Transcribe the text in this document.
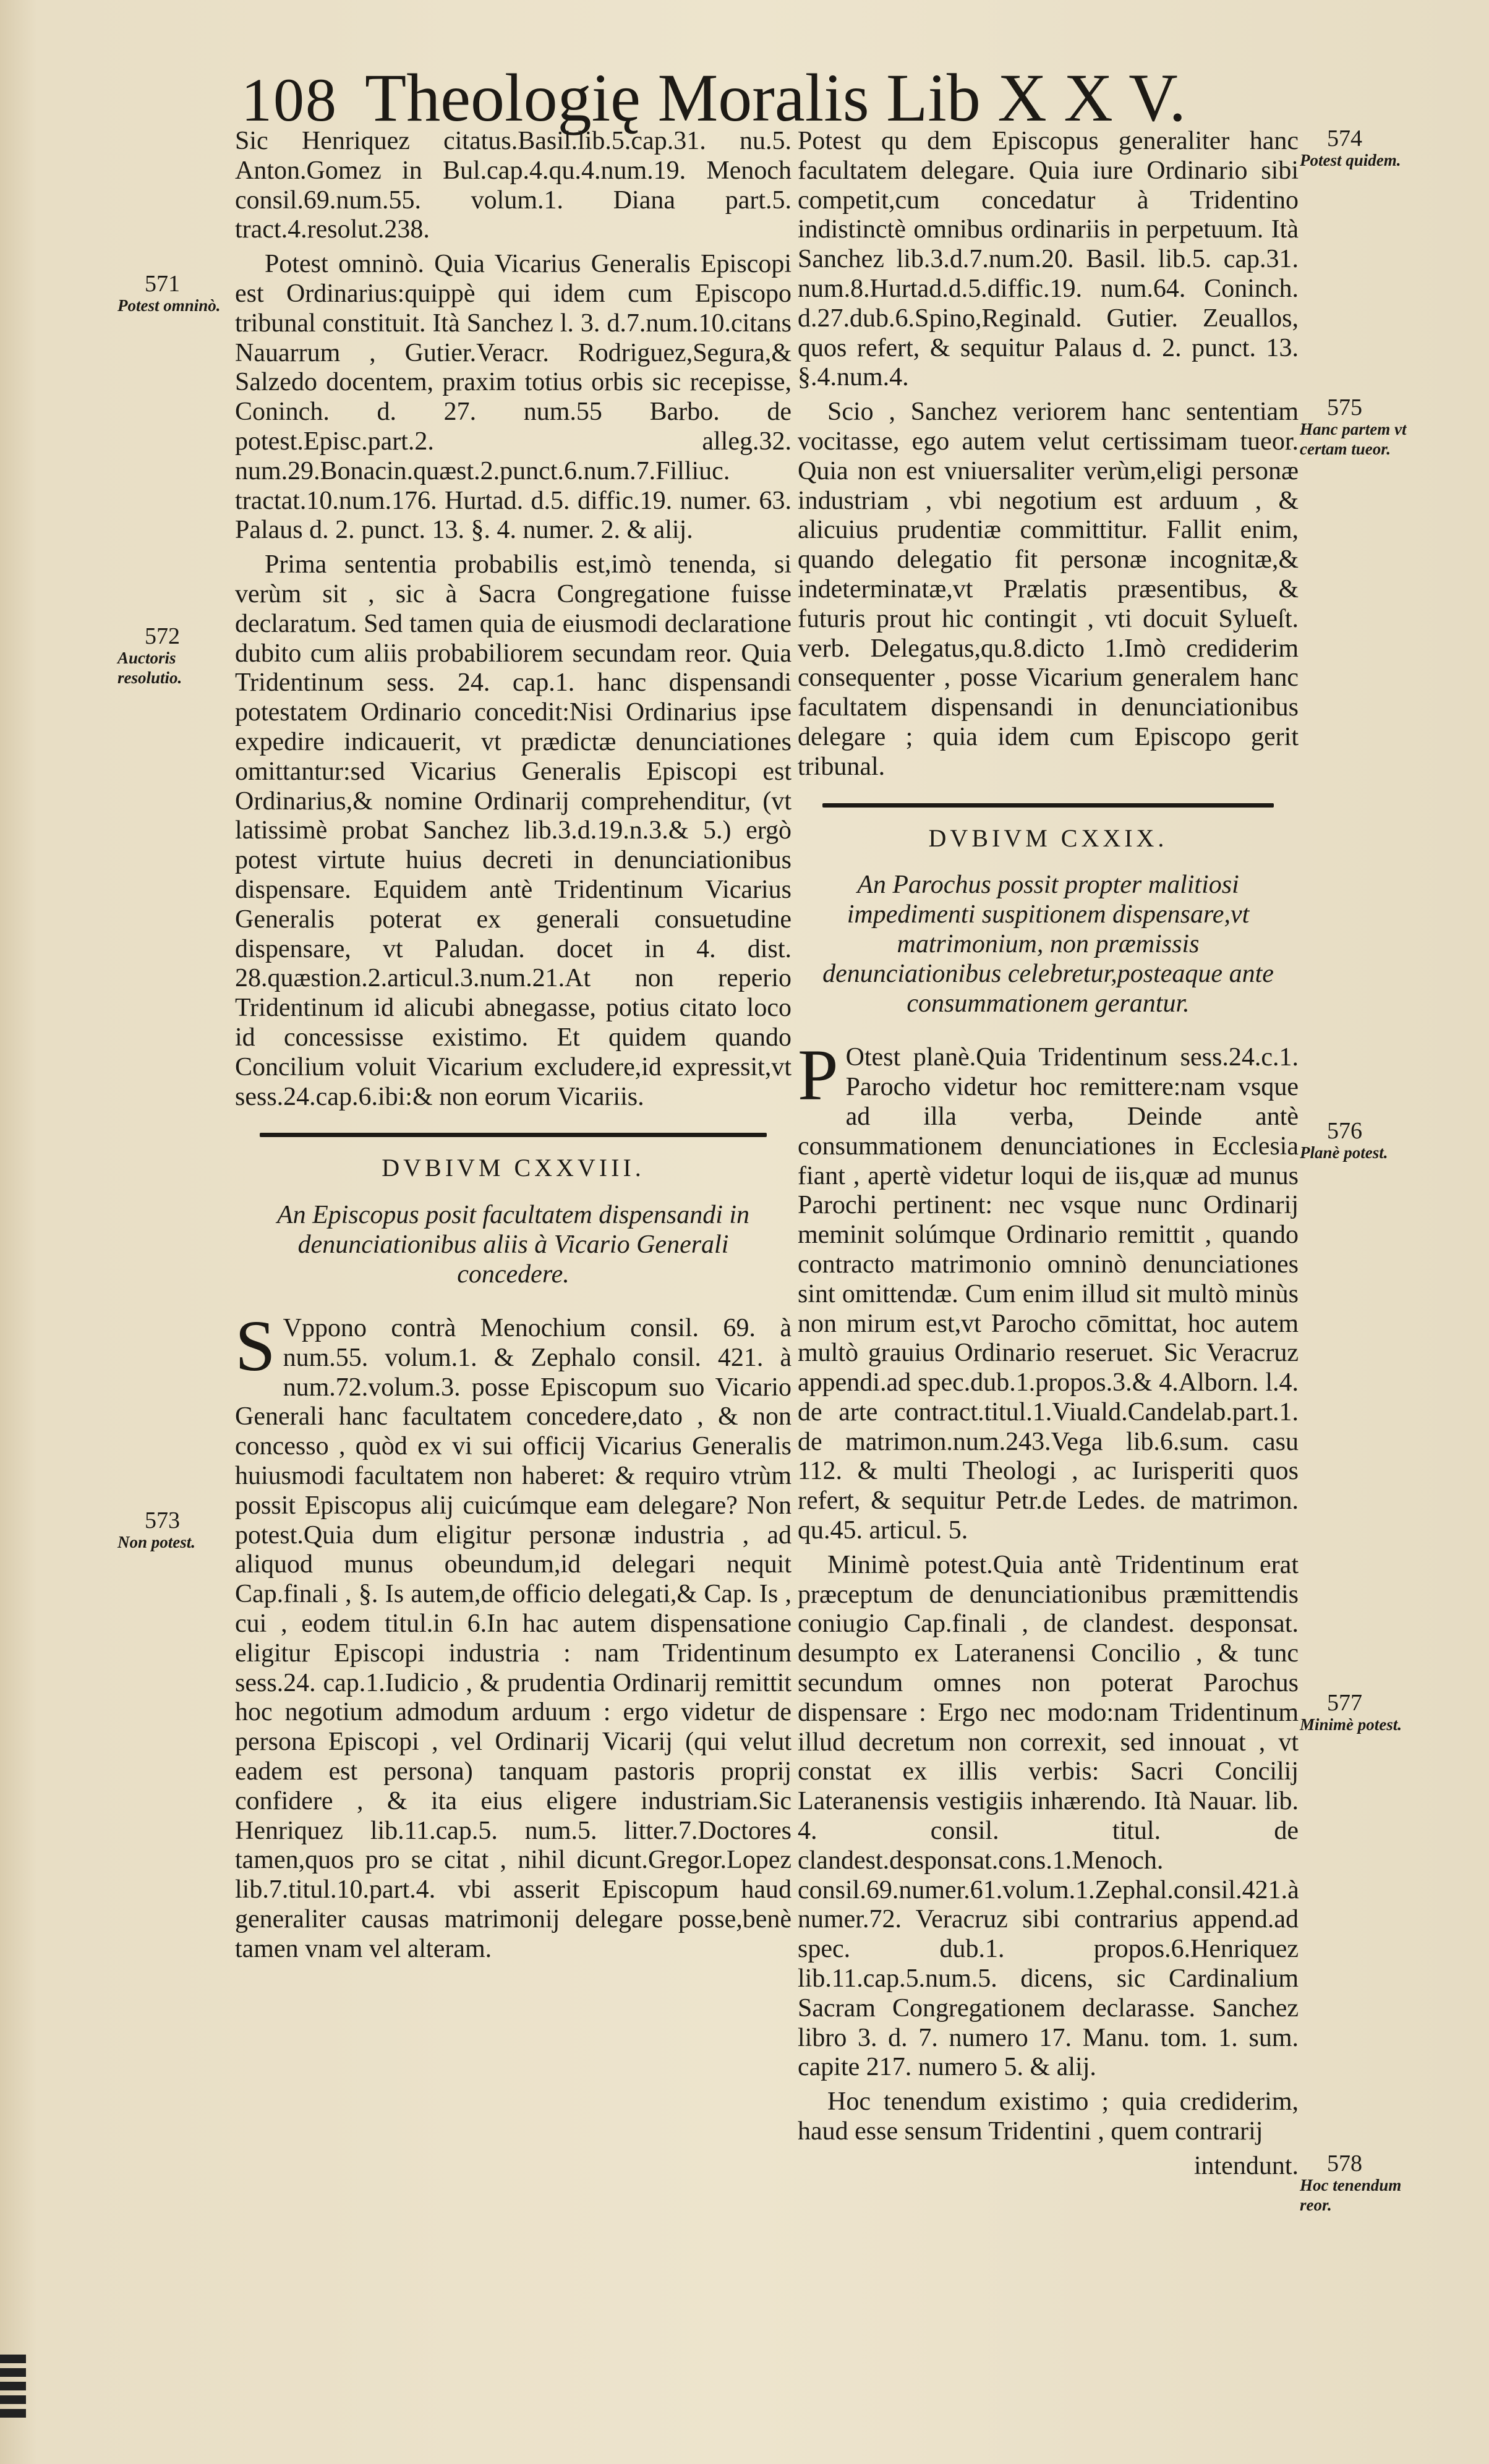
108 Theologię Moralis Lib X X V.

Sic Henriquez citatus.Basil.lib.5.cap.31. nu.5. Anton.Gomez in Bul.cap.4.qu.4.num.19. Menoch consil.69.num.55. volum.1. Diana part.5. tract.4.resolut.238.

Potest omninò. Quia Vicarius Generalis Episcopi est Ordinarius:quippè qui idem cum Episcopo tribunal constituit. Ità Sanchez l. 3. d.7.num.10.citans Nauarrum , Gutier.Veracr. Rodriguez,Segura,& Salzedo docentem, praxim totius orbis sic recepisse, Coninch. d. 27. num.55 Barbo. de potest.Episc.part.2. alleg.32. num.29.Bonacin.quæst.2.punct.6.num.7.Filliuc. tractat.10.num.176. Hurtad. d.5. diffic.19. numer. 63. Palaus d. 2. punct. 13. §. 4. numer. 2. & alij.

Prima sententia probabilis est,imò tenenda, si verùm sit , sic à Sacra Congregatione fuisse declaratum. Sed tamen quia de eiusmodi declaratione dubito cum aliis probabiliorem secundam reor. Quia Tridentinum sess. 24. cap.1. hanc dispensandi potestatem Ordinario concedit:Nisi Ordinarius ipse expedire indicauerit, vt prædictæ denunciationes omittantur:sed Vicarius Generalis Episcopi est Ordinarius,& nomine Ordinarij comprehenditur, (vt latissimè probat Sanchez lib.3.d.19.n.3.& 5.) ergò potest virtute huius decreti in denunciationibus dispensare. Equidem antè Tridentinum Vicarius Generalis poterat ex generali consuetudine dispensare, vt Paludan. docet in 4. dist. 28.quæstion.2.articul.3.num.21.At non reperio Tridentinum id alicubi abnegasse, potius citato loco id concessisse existimo. Et quidem quando Concilium voluit Vicarium excludere,id expressit,vt sess.24.cap.6.ibi:& non eorum Vicariis.

DVBIVM CXXVIII.
An Episcopus posit facultatem dispensandi in denunciationibus aliis à Vicario Generali concedere.

S Vppono contrà Menochium consil. 69. à num.55. volum.1. & Zephalo consil. 421. à num.72.volum.3. posse Episcopum suo Vicario Generali hanc facultatem concedere,dato , & non concesso , quòd ex vi sui officij Vicarius Generalis huiusmodi facultatem non haberet: & requiro vtrùm possit Episcopus alij cuicúmque eam delegare? Non potest.Quia dum eligitur personæ industria , ad aliquod munus obeundum,id delegari nequit Cap.finali , §. Is autem,de officio delegati,& Cap. Is , cui , eodem titul.in 6.In hac autem dispensatione eligitur Episcopi industria : nam Tridentinum sess.24. cap.1.Iudicio , & prudentia Ordinarij remittit hoc negotium admodum arduum : ergo videtur de persona Episcopi , vel Ordinarij Vicarij (qui velut eadem est persona) tanquam pastoris proprij confidere , & ita eius eligere industriam.Sic Henriquez lib.11.cap.5. num.5. litter.7.Doctores tamen,quos pro se citat , nihil dicunt.Gregor.Lopez lib.7.titul.10.part.4. vbi asserit Episcopum haud generaliter causas matrimonij delegare posse,benè tamen vnam vel alteram.

Potest qu dem Episcopus generaliter hanc facultatem delegare. Quia iure Ordinario sibi competit,cum concedatur à Tridentino indistinctè omnibus ordinariis in perpetuum. Ità Sanchez lib.3.d.7.num.20. Basil. lib.5. cap.31. num.8.Hurtad.d.5.diffic.19. num.64. Coninch. d.27.dub.6.Spino,Reginald. Gutier. Zeuallos, quos refert, & sequitur Palaus d. 2. punct. 13. §.4.num.4.

Scio , Sanchez veriorem hanc sententiam vocitasse, ego autem velut certissimam tueor. Quia non est vniuersaliter verùm,eligi personæ industriam , vbi negotium est arduum , & alicuius prudentiæ committitur. Fallit enim, quando delegatio fit personæ incognitæ,& indeterminatæ,vt Prælatis præsentibus, & futuris prout hic contingit , vti docuit Sylueſt. verb. Delegatus,qu.8.dicto 1.Imò crediderim consequenter , posse Vicarium generalem hanc facultatem dispensandi in denunciationibus delegare ; quia idem cum Episcopo gerit tribunal.

DVBIVM CXXIX.
An Parochus possit propter malitiosi impedimenti suspitionem dispensare,vt matrimonium, non præmissis denunciationibus celebretur,posteaque ante consummationem gerantur.

P Otest planè.Quia Tridentinum sess.24.c.1. Parocho videtur hoc remittere:nam vsque ad illa verba, Deinde antè consummationem denunciationes in Ecclesia fiant , apertè videtur loqui de iis,quæ ad munus Parochi pertinent: nec vsque nunc Ordinarij meminit solúmque Ordinario remittit , quando contracto matrimonio omninò denunciationes sint omittendæ. Cum enim illud sit multò minùs non mirum est,vt Parocho cōmittat, hoc autem multò grauius Ordinario reseruet. Sic Veracruz appendi.ad spec.dub.1.propos.3.& 4.Alborn. l.4. de arte contract.titul.1.Viuald.Candelab.part.1. de matrimon.num.243.Vega lib.6.sum. casu 112. & multi Theologi , ac Iurisperiti quos refert, & sequitur Petr.de Ledes. de matrimon. qu.45. articul. 5.

Minimè potest.Quia antè Tridentinum erat præceptum de denunciationibus præmittendis coniugio Cap.finali , de clandest. desponsat. desumpto ex Lateranensi Concilio , & tunc secundum omnes non poterat Parochus dispensare : Ergo nec modo:nam Tridentinum illud decretum non correxit, sed innouat , vt constat ex illis verbis: Sacri Concilij Lateranensis vestigiis inhærendo. Ità Nauar. lib. 4. consil. titul. de clandest.desponsat.cons.1.Menoch. consil.69.numer.61.volum.1.Zephal.consil.421.à numer.72. Veracruz sibi contrarius append.ad spec. dub.1. propos.6.Henriquez lib.11.cap.5.num.5. dicens, sic Cardinalium Sacram Congregationem declarasse. Sanchez libro 3. d. 7. numero 17. Manu. tom. 1. sum. capite 217. numero 5. & alij.

Hoc tenendum existimo ; quia crediderim, haud esse sensum Tridentini , quem contrarij

intendunt.
571
Potest omninò.
572
Auctoris resolutio.
573
Non potest.
574
Potest quidem.
575
Hanc partem vt certam tueor.
576
Planè potest.
577
Minimè potest.
578
Hoc tenendum reor.
